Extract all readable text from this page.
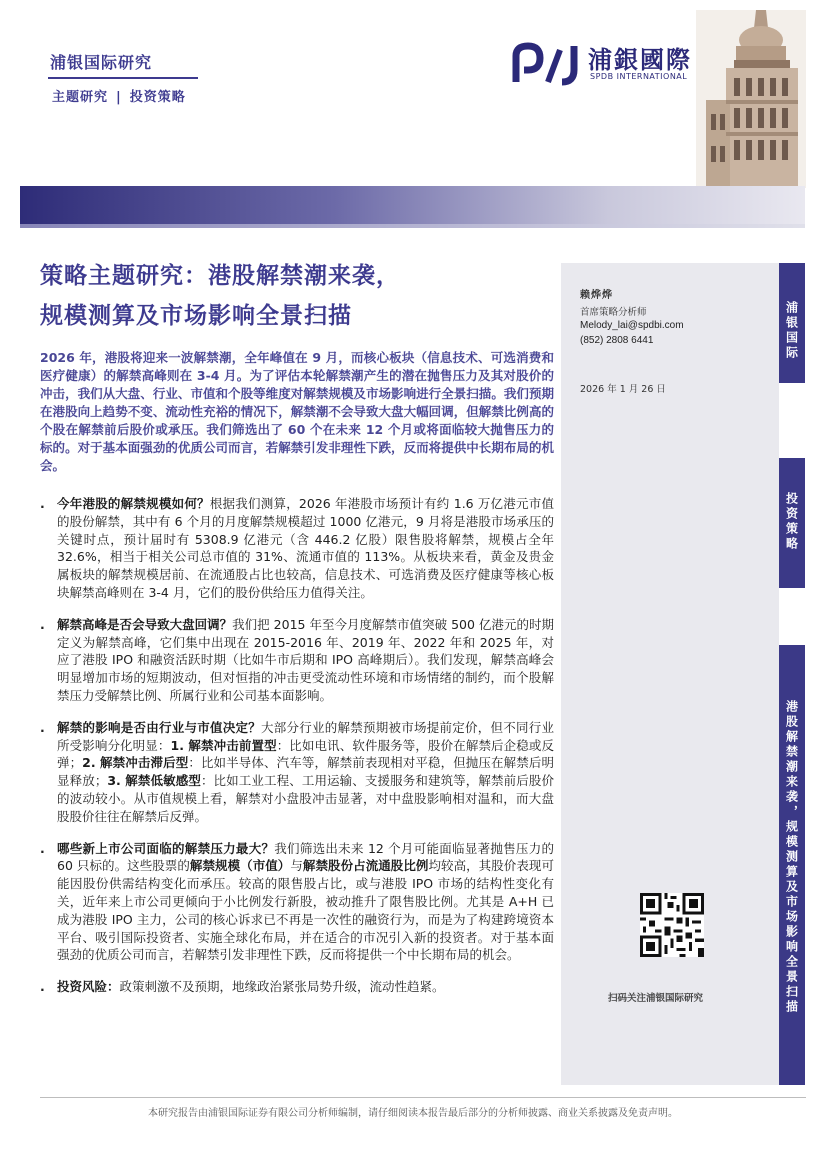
浦银国际研究
主题研究 | 投资策略
浦銀國際
SPDB INTERNATIONAL
策略主题研究：港股解禁潮来袭，
规模测算及市场影响全景扫描
2026 年，港股将迎来一波解禁潮，全年峰值在 9 月，而核心板块（信息技术、可选消费和医疗健康）的解禁高峰则在 3-4 月。为了评估本轮解禁潮产生的潜在抛售压力及其对股价的冲击，我们从大盘、行业、市值和个股等维度对解禁规模及市场影响进行全景扫描。我们预期在港股向上趋势不变、流动性充裕的情况下，解禁潮不会导致大盘大幅回调，但解禁比例高的个股在解禁前后股价或承压。我们筛选出了 60 个在未来 12 个月或将面临较大抛售压力的标的。对于基本面强劲的优质公司而言，若解禁引发非理性下跌，反而将提供中长期布局的机会。
. 今年港股的解禁规模如何？根据我们测算，2026 年港股市场预计有约 1.6 万亿港元市值的股份解禁，其中有 6 个月的月度解禁规模超过 1000 亿港元，9 月将是港股市场承压的关键时点，预计届时有 5308.9 亿港元（含 446.2 亿股）限售股将解禁，规模占全年 32.6%，相当于相关公司总市值的 31%、流通市值的 113%。从板块来看，黄金及贵金属板块的解禁规模居前、在流通股占比也较高，信息技术、可选消费及医疗健康等核心板块解禁高峰则在 3-4 月，它们的股份供给压力值得关注。
. 解禁高峰是否会导致大盘回调？我们把 2015 年至今月度解禁市值突破 500 亿港元的时期定义为解禁高峰，它们集中出现在 2015-2016 年、2019 年、2022 年和 2025 年，对应了港股 IPO 和融资活跃时期（比如牛市后期和 IPO 高峰期后）。我们发现，解禁高峰会明显增加市场的短期波动，但对恒指的冲击更受流动性环境和市场情绪的制约，而个股解禁压力受解禁比例、所属行业和公司基本面影响。
. 解禁的影响是否由行业与市值决定？大部分行业的解禁预期被市场提前定价，但不同行业所受影响分化明显：1. 解禁冲击前置型：比如电讯、软件服务等，股价在解禁后企稳或反弹；2. 解禁冲击滞后型：比如半导体、汽车等，解禁前表现相对平稳，但抛压在解禁后明显释放；3. 解禁低敏感型：比如工业工程、工用运输、支援服务和建筑等，解禁前后股价的波动较小。从市值规模上看，解禁对小盘股冲击显著，对中盘股影响相对温和，而大盘股股价往往在解禁后反弹。
. 哪些新上市公司面临的解禁压力最大？我们筛选出未来 12 个月可能面临显著抛售压力的 60 只标的。这些股票的解禁规模（市值）与解禁股份占流通股比例均较高，其股价表现可能因股份供需结构变化而承压。较高的限售股占比，或与港股 IPO 市场的结构性变化有关，近年来上市公司更倾向于小比例发行新股，被动推升了限售股比例。尤其是 A+H 已成为港股 IPO 主力，公司的核心诉求已不再是一次性的融资行为，而是为了构建跨境资本平台、吸引国际投资者、实施全球化布局，并在适合的市况引入新的投资者。对于基本面强劲的优质公司而言，若解禁引发非理性下跌，反而将提供一个中长期布局的机会。
. 投资风险：政策刺激不及预期，地缘政治紧张局势升级，流动性趋紧。
赖烨烨
首席策略分析师
Melody_lai@spdbi.com
(852) 2808 6441
2026 年 1 月 26 日
扫码关注浦银国际研究
浦银国际
投资策略
港股解禁潮来袭，规模测算及市场影响全景扫描
本研究报告由浦银国际证券有限公司分析师编制，请仔细阅读本报告最后部分的分析师披露、商业关系披露及免责声明。
